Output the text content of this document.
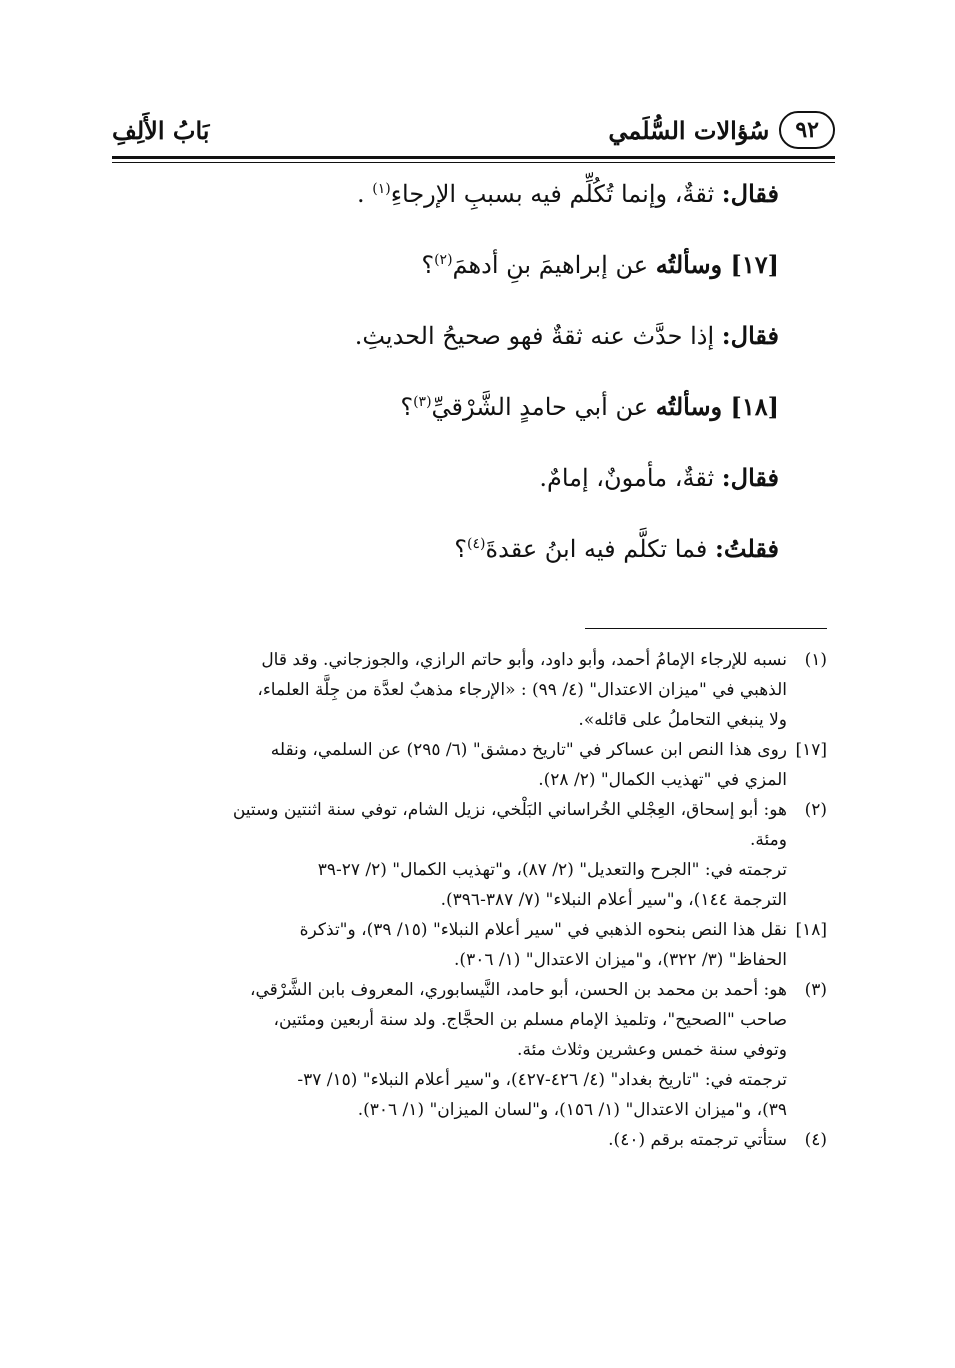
٩٢
سُؤالات السُّلَمي
بَابُ الأَلِفِ
فقال: ثقةٌ، وإنما تُكُلِّم فيه بسببِ الإرجاءِ$^{(١)}$ .
[١٧] وسألتُه عن إبراهيمَ بنِ أدهمَ$^{(٢)}$؟
فقال: إذا حدَّث عنه ثقةٌ فهو صحيحُ الحديثِ.
[١٨] وسألتُه عن أبي حامدٍ الشَّرْقيِّ$^{(٣)}$؟
فقال: ثقةٌ، مأمونٌ، إمامٌ.
فقلتُ: فما تكلَّم فيه ابنُ عقدةَ$^{(٤)}$؟
(١)
نسبه للإرجاء الإمامُ أحمد، وأبو داود، وأبو حاتم الرازي، والجوزجاني. وقد قال
الذهبي في "ميزان الاعتدال" (٤/ ٩٩) : «الإرجاء مذهبٌ لعدَّة من جِلَّة العلماء،
ولا ينبغي التحاملُ على قائله».
[١٧]
روى هذا النص ابن عساكر في "تاريخ دمشق" (٦/ ٢٩٥) عن السلمي، ونقله
المزي في "تهذيب الكمال" (٢/ ٢٨).
(٢)
هو: أبو إسحاق، العِجْلي الخُراساني البَلْخي، نزيل الشام، توفي سنة اثنتين وستين
ومئة.
ترجمته في: "الجرح والتعديل" (٢/ ٨٧)، و"تهذيب الكمال" (٢/ ٢٧-٣٩
الترجمة ١٤٤)، و"سير أعلام النبلاء" (٧/ ٣٨٧-٣٩٦).
[١٨]
نقل هذا النص بنحوه الذهبي في "سير أعلام النبلاء" (١٥/ ٣٩)، و"تذكرة
الحفاظ" (٣/ ٣٢٢)، و"ميزان الاعتدال" (١/ ٣٠٦).
(٣)
هو: أحمد بن محمد بن الحسن، أبو حامد، النَّيسابوري، المعروف بابن الشَّرْقي،
صاحب "الصحيح"، وتلميذ الإمام مسلم بن الحجَّاج. ولد سنة أربعين ومئتين،
وتوفي سنة خمس وعشرين وثلاث مئة.
ترجمته في: "تاريخ بغداد" (٤/ ٤٢٦-٤٢٧)، و"سير أعلام النبلاء" (١٥/ ٣٧-
٣٩)، و"ميزان الاعتدال" (١/ ١٥٦)، و"لسان الميزان" (١/ ٣٠٦).
(٤)
ستأتي ترجمته برقم (٤٠).
